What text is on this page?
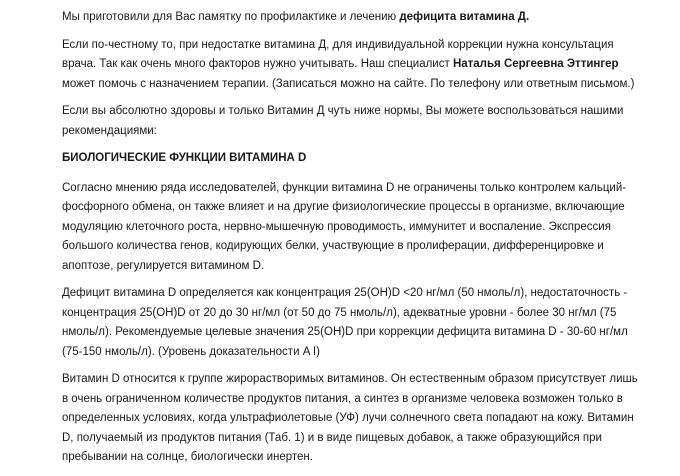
Мы приготовили для Вас памятку по профилактике и лечению дефицита витамина Д.

Если по-честному то, при недостатке витамина Д, для индивидуальной коррекции нужна консультация врача. Так как очень много факторов нужно учитывать. Наш специалист Наталья Сергеевна Эттингер может помочь с назначением терапии. (Записаться можно на сайте. По телефону или ответным письмом.)

Если вы абсолютно здоровы и только Витамин Д чуть ниже нормы, Вы можете воспользоваться нашими рекомендациями:

БИОЛОГИЧЕСКИЕ ФУНКЦИИ ВИТАМИНА D

Согласно мнению ряда исследователей, функции витамина D не ограничены только контролем кальций-фосфорного обмена, он также влияет и на другие физиологические процессы в организме, включающие модуляцию клеточного роста, нервно-мышечную проводимость, иммунитет и воспаление. Экспрессия большого количества генов, кодирующих белки, участвующие в пролиферации, дифференцировке и апоптозе, регулируется витамином D.

Дефицит витамина D определяется как концентрация 25(OH)D <20 нг/мл (50 нмоль/л), недостаточность - концентрация 25(OH)D от 20 до 30 нг/мл (от 50 до 75 нмоль/л), адекватные уровни - более 30 нг/мл (75 нмоль/л). Рекомендуемые целевые значения 25(OH)D при коррекции дефицита витамина D - 30-60 нг/мл (75-150 нмоль/л). (Уровень доказательности A I)

Витамин D относится к группе жирорастворимых витаминов. Он естественным образом присутствует лишь в очень ограниченном количестве продуктов питания, а синтез в организме человека возможен только в определенных условиях, когда ультрафиолетовые (УФ) лучи солнечного света попадают на кожу. Витамин D, получаемый из продуктов питания (Таб. 1) и в виде пищевых добавок, а также образующийся при пребывании на солнце, биологически инертен.
